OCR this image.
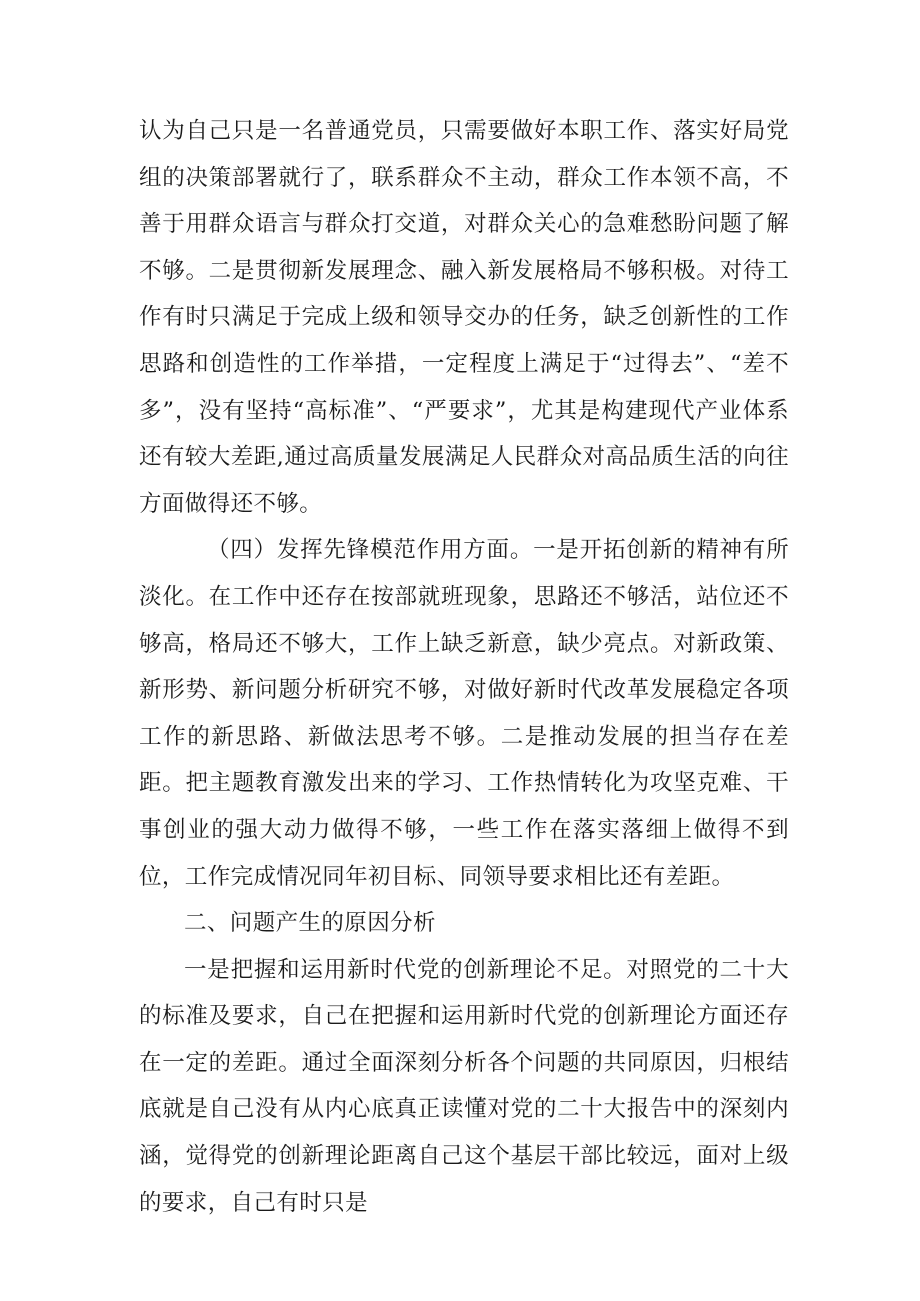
认为自己只是一名普通党员，只需要做好本职工作、落实好局党组的决策部署就行了，联系群众不主动，群众工作本领不高，不善于用群众语言与群众打交道，对群众关心的急难愁盼问题了解不够。二是贯彻新发展理念、融入新发展格局不够积极。对待工作有时只满足于完成上级和领导交办的任务，缺乏创新性的工作思路和创造性的工作举措，一定程度上满足于“过得去”、“差不多”，没有坚持“高标准”、“严要求”，尤其是构建现代产业体系还有较大差距,通过高质量发展满足人民群众对高品质生活的向往方面做得还不够。

（四）发挥先锋模范作用方面。一是开拓创新的精神有所淡化。在工作中还存在按部就班现象，思路还不够活，站位还不够高，格局还不够大，工作上缺乏新意，缺少亮点。对新政策、新形势、新问题分析研究不够，对做好新时代改革发展稳定各项工作的新思路、新做法思考不够。二是推动发展的担当存在差距。把主题教育激发出来的学习、工作热情转化为攻坚克难、干事创业的强大动力做得不够，一些工作在落实落细上做得不到位，工作完成情况同年初目标、同领导要求相比还有差距。

二、问题产生的原因分析

一是把握和运用新时代党的创新理论不足。对照党的二十大的标准及要求，自己在把握和运用新时代党的创新理论方面还存在一定的差距。通过全面深刻分析各个问题的共同原因，归根结底就是自己没有从内心底真正读懂对党的二十大报告中的深刻内涵，觉得党的创新理论距离自己这个基层干部比较远，面对上级的要求，自己有时只是
